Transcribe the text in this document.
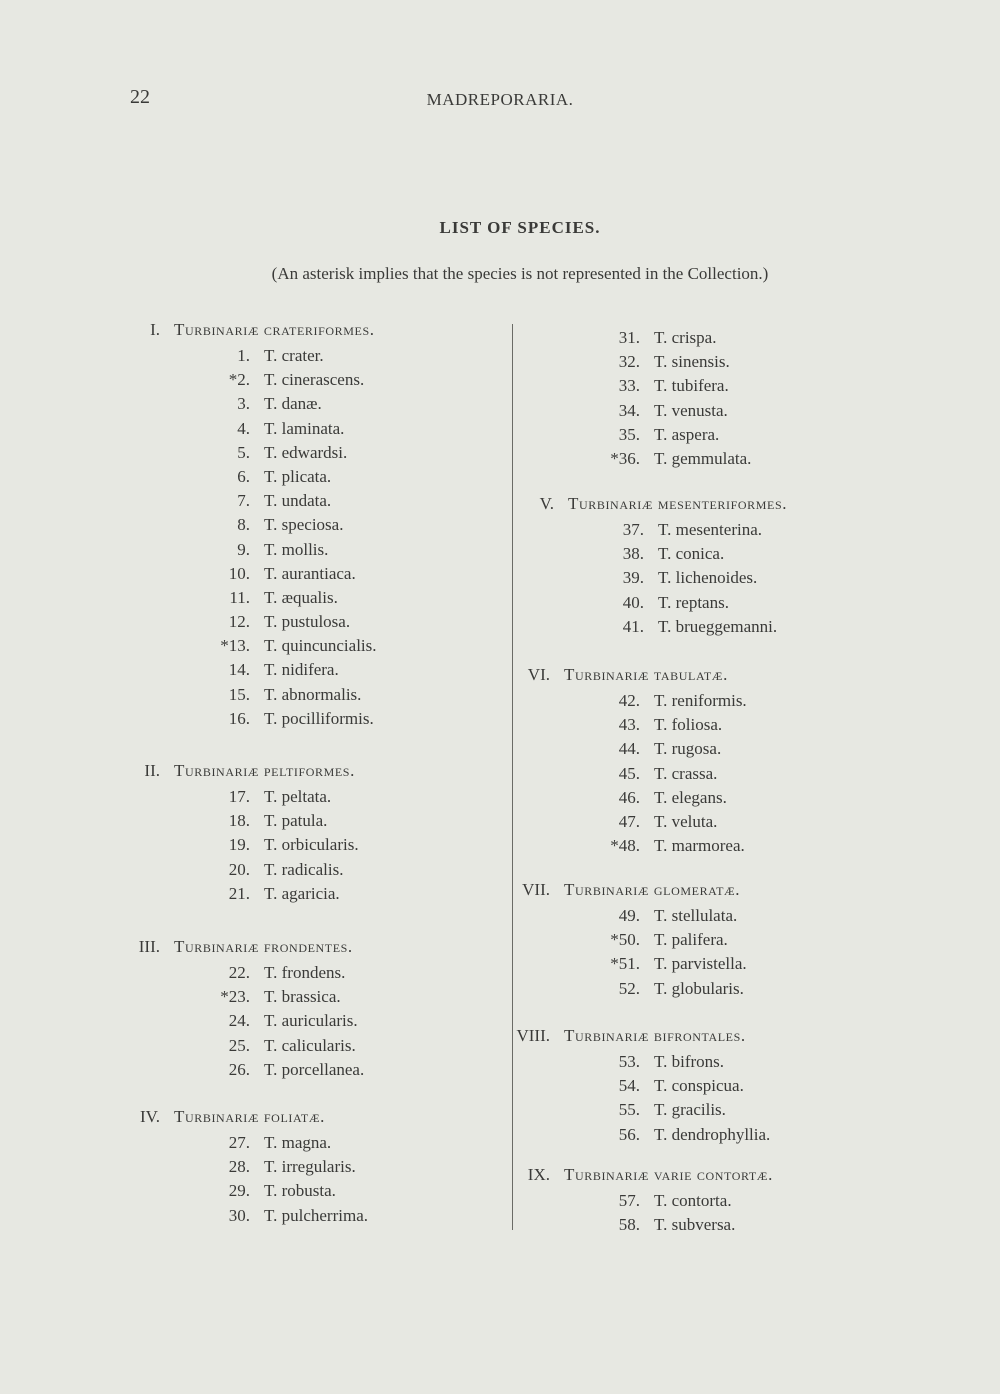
22	MADREPORARIA.
LIST OF SPECIES.
(An asterisk implies that the species is not represented in the Collection.)
I. Turbinariæ crateriformes.
1. T. crater.
*2. T. cinerascens.
3. T. danæ.
4. T. laminata.
5. T. edwardsi.
6. T. plicata.
7. T. undata.
8. T. speciosa.
9. T. mollis.
10. T. aurantiaca.
11. T. æqualis.
12. T. pustulosa.
*13. T. quincuncialis.
14. T. nidifera.
15. T. abnormalis.
16. T. pocilliformis.
II. Turbinariæ peltiformes.
17. T. peltata.
18. T. patula.
19. T. orbicularis.
20. T. radicalis.
21. T. agaricia.
III. Turbinariæ frondentes.
22. T. frondens.
*23. T. brassica.
24. T. auricularis.
25. T. calicularis.
26. T. porcellanea.
IV. Turbinariæ foliatæ.
27. T. magna.
28. T. irregularis.
29. T. robusta.
30. T. pulcherrima.
31. T. crispa.
32. T. sinensis.
33. T. tubifera.
34. T. venusta.
35. T. aspera.
*36. T. gemmulata.
V. Turbinariæ mesenteriformes.
37. T. mesenterina.
38. T. conica.
39. T. lichenoides.
40. T. reptans.
41. T. brueggemanni.
VI. Turbinariæ tabulatæ.
42. T. reniformis.
43. T. foliosa.
44. T. rugosa.
45. T. crassa.
46. T. elegans.
47. T. veluta.
*48. T. marmorea.
VII. Turbinariæ glomeratæ.
49. T. stellulata.
*50. T. palifera.
*51. T. parvistella.
52. T. globularis.
VIII. Turbinariæ bifrontales.
53. T. bifrons.
54. T. conspicua.
55. T. gracilis.
56. T. dendrophyllia.
IX. Turbinariæ varie contortæ.
57. T. contorta.
58. T. subversa.
